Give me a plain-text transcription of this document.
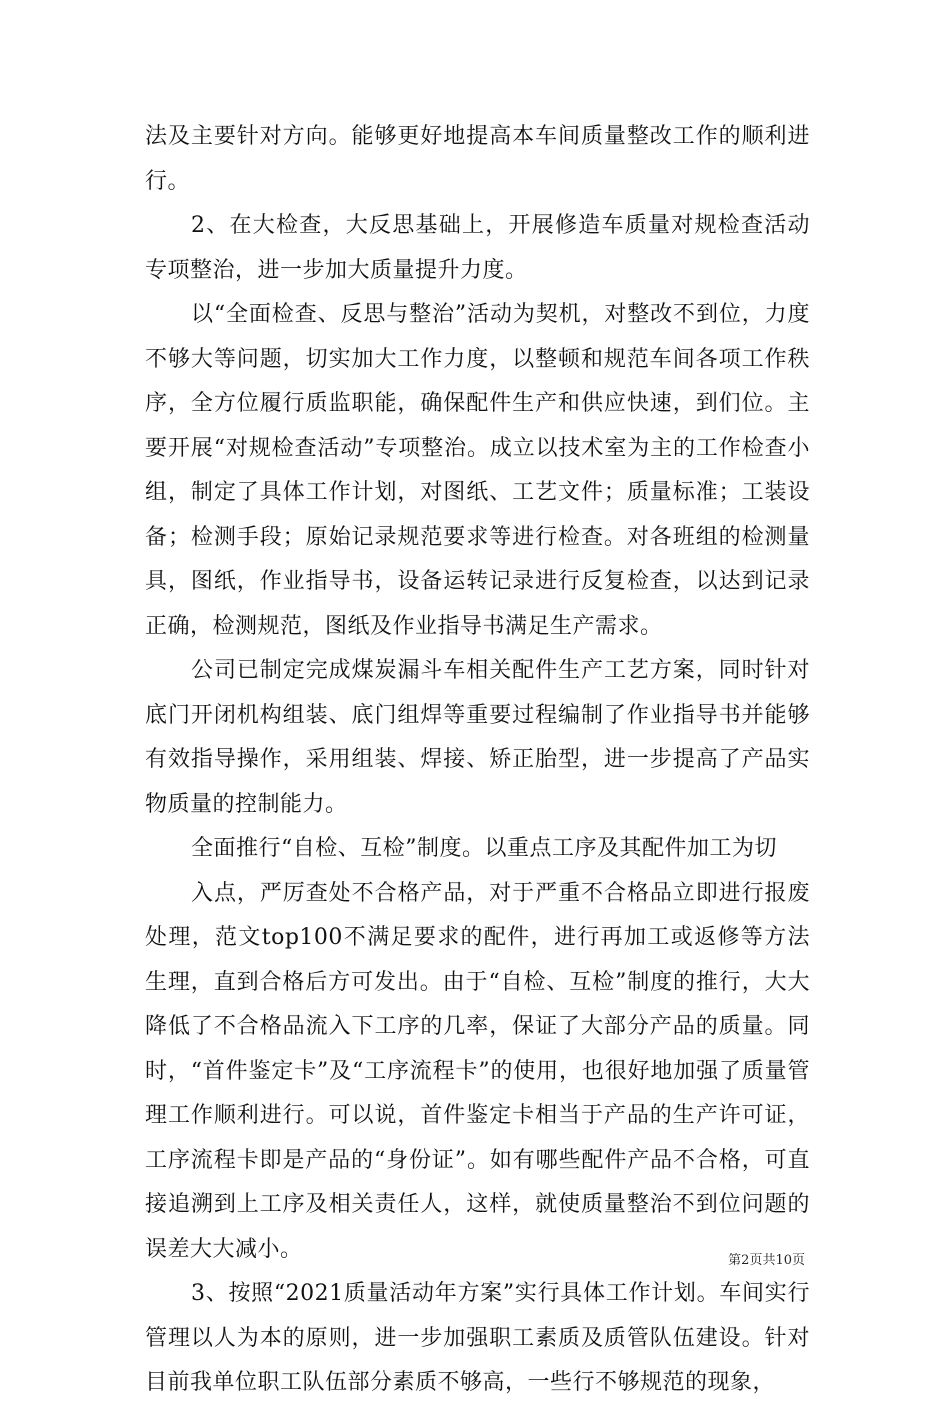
法及主要针对方向。能够更好地提高本车间质量整改工作的顺利进行。

2、在大检查，大反思基础上，开展修造车质量对规检查活动专项整治，进一步加大质量提升力度。

以“全面检查、反思与整治”活动为契机，对整改不到位，力度不够大等问题，切实加大工作力度，以整顿和规范车间各项工作秩序，全方位履行质监职能，确保配件生产和供应快速，到们位。主要开展“对规检查活动”专项整治。成立以技术室为主的工作检查小组，制定了具体工作计划，对图纸、工艺文件；质量标准；工装设备；检测手段；原始记录规范要求等进行检查。对各班组的检测量具，图纸，作业指导书，设备运转记录进行反复检查，以达到记录正确，检测规范，图纸及作业指导书满足生产需求。

公司已制定完成煤炭漏斗车相关配件生产工艺方案，同时针对底门开闭机构组装、底门组焊等重要过程编制了作业指导书并能够有效指导操作，采用组装、焊接、矫正胎型，进一步提高了产品实物质量的控制能力。

全面推行“自检、互检”制度。以重点工序及其配件加工为切

入点，严厉查处不合格产品，对于严重不合格品立即进行报废处理，范文top100不满足要求的配件，进行再加工或返修等方法生理，直到合格后方可发出。由于“自检、互检”制度的推行，大大降低了不合格品流入下工序的几率，保证了大部分产品的质量。同时，“首件鉴定卡”及“工序流程卡”的使用，也很好地加强了质量管理工作顺利进行。可以说，首件鉴定卡相当于产品的生产许可证，工序流程卡即是产品的“身份证”。如有哪些配件产品不合格，可直接追溯到上工序及相关责任人，这样，就使质量整治不到位问题的误差大大减小。

3、按照“2021质量活动年方案”实行具体工作计划。车间实行管理以人为本的原则，进一步加强职工素质及质管队伍建设。针对目前我单位职工队伍部分素质不够高，一些行不够规范的现象，

第2页共10页
